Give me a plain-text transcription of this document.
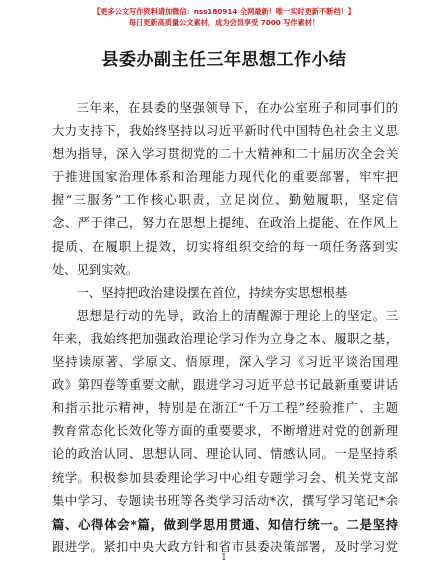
【更多公文写作资料请加微信：nss180914 全网最新！唯一实时更新不断档！】
每日更新高质量公文素材，成为会员享受 7000 写作素材！
县委办副主任三年思想工作小结
三年来，在县委的坚强领导下，在办公室班子和同事们的
大力支持下，我始终坚持以习近平新时代中国特色社会主义思
想为指导，深入学习贯彻党的二十大精神和二十届历次全会关
于推进国家治理体系和治理能力现代化的重要部署，牢牢把
握“三服务”工作核心职责，立足岗位、勤勉履职，坚定信
念、严于律己，努力在思想上提纯、在政治上提能、在作风上
提质、在履职上提效，切实将组织交给的每一项任务落到实
处、见到实效。
一、坚持把政治建设摆在首位，持续夯实思想根基
思想是行动的先导，政治上的清醒源于理论上的坚定。三
年来，我始终把加强政治理论学习作为立身之本、履职之基，
坚持读原著、学原文、悟原理，深入学习《习近平谈治国理
政》第四卷等重要文献，跟进学习习近平总书记最新重要讲话
和指示批示精神，特别是在浙江“千万工程”经验推广、主题
教育常态化长效化等方面的重要要求，不断增进对党的创新理
论的政治认同、思想认同、理论认同、情感认同。一是坚持系
统学。积极参加县委理论学习中心组专题学习会、机关党支部
集中学习、专题读书班等各类学习活动*次，撰写学习笔记*余
篇、心得体会*篇，做到学思用贯通、知信行统一。二是坚持
跟进学。紧扣中央大政方针和省市县委决策部署，及时学习党
1
